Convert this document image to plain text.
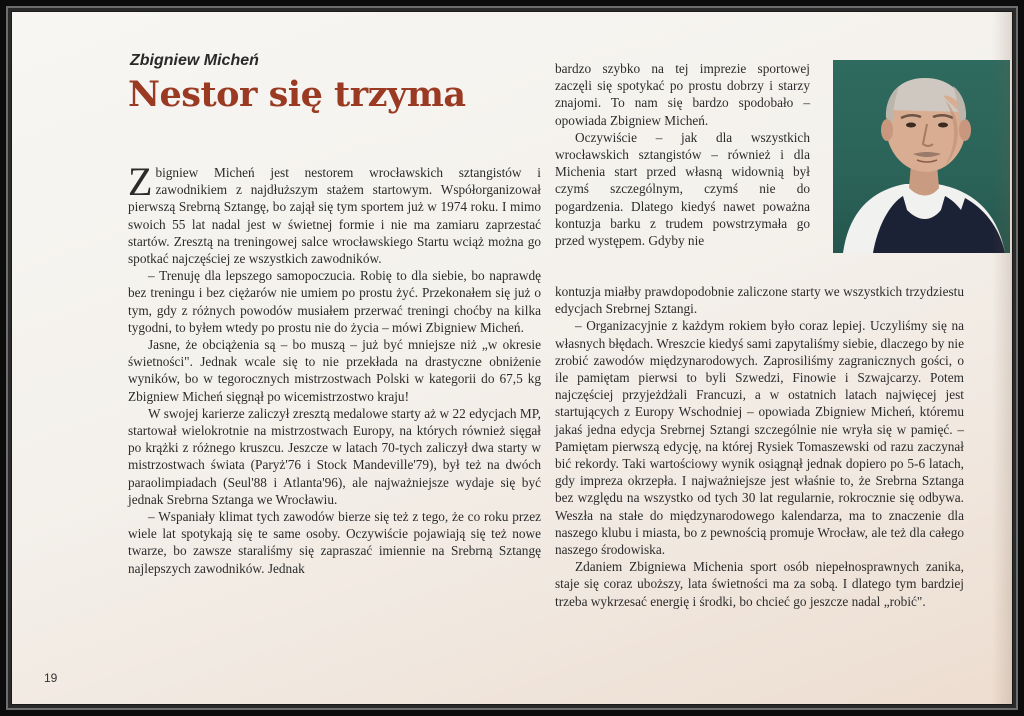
Zbigniew Micheń
Nestor się trzyma

Zbigniew Micheń jest nestorem wrocławskich sztangistów i zawodnikiem z najdłuższym stażem startowym. Współorganizował pierwszą Srebrną Sztangę, bo zajął się tym sportem już w 1974 roku. I mimo swoich 55 lat nadal jest w świetnej formie i nie ma zamiaru zaprzestać startów. Zresztą na treningowej salce wrocławskiego Startu wciąż można go spotkać najczęściej ze wszystkich zawodników.

– Trenuję dla lepszego samopoczucia. Robię to dla siebie, bo naprawdę bez treningu i bez ciężarów nie umiem po prostu żyć. Przekonałem się już o tym, gdy z różnych powodów musiałem przerwać treningi choćby na kilka tygodni, to byłem wtedy po prostu nie do życia – mówi Zbigniew Micheń.

Jasne, że obciążenia są – bo muszą – już być mniejsze niż „w okresie świetności". Jednak wcale się to nie przekłada na drastyczne obniżenie wyników, bo w tegorocznych mistrzostwach Polski w kategorii do 67,5 kg Zbigniew Micheń sięgnął po wicemistrzostwo kraju!

W swojej karierze zaliczył zresztą medalowe starty aż w 22 edycjach MP, startował wielokrotnie na mistrzostwach Europy, na których również sięgał po krążki z różnego kruszcu. Jeszcze w latach 70-tych zaliczył dwa starty w mistrzostwach świata (Paryż'76 i Stock Mandeville'79), był też na dwóch paraolimpiadach (Seul'88 i Atlanta'96), ale najważniejsze wydaje się być jednak Srebrna Sztanga we Wrocławiu.

– Wspaniały klimat tych zawodów bierze się też z tego, że co roku przez wiele lat spotykają się te same osoby. Oczywiście pojawiają się też nowe twarze, bo zawsze staraliśmy się zapraszać imiennie na Srebrną Sztangę najlepszych zawodników. Jednak

bardzo szybko na tej imprezie sportowej zaczęli się spotykać po prostu dobrzy i starzy znajomi. To nam się bardzo spodobało – opowiada Zbigniew Micheń.

Oczywiście – jak dla wszystkich wrocławskich sztangistów – również i dla Michenia start przed własną widownią był czymś szczególnym, czymś nie do pogardzenia. Dlatego kiedyś nawet poważna kontuzja barku z trudem powstrzymała go przed występem. Gdyby nie

kontuzja miałby prawdopodobnie zaliczone starty we wszystkich trzydziestu edycjach Srebrnej Sztangi.

– Organizacyjnie z każdym rokiem było coraz lepiej. Uczyliśmy się na własnych błędach. Wreszcie kiedyś sami zapytaliśmy siebie, dlaczego by nie zrobić zawodów międzynarodowych. Zaprosiliśmy zagranicznych gości, o ile pamiętam pierwsi to byli Szwedzi, Finowie i Szwajcarzy. Potem najczęściej przyjeżdżali Francuzi, a w ostatnich latach najwięcej jest startujących z Europy Wschodniej – opowiada Zbigniew Micheń, któremu jakaś jedna edycja Srebrnej Sztangi szczególnie nie wryła się w pamięć. – Pamiętam pierwszą edycję, na której Rysiek Tomaszewski od razu zaczynał bić rekordy. Taki wartościowy wynik osiągnął jednak dopiero po 5-6 latach, gdy impreza okrzepła. I najważniejsze jest właśnie to, że Srebrna Sztanga bez względu na wszystko od tych 30 lat regularnie, rokrocznie się odbywa. Weszła na stałe do międzynarodowego kalendarza, ma to znaczenie dla naszego klubu i miasta, bo z pewnością promuje Wrocław, ale też dla całego naszego środowiska.

Zdaniem Zbigniewa Michenia sport osób niepełnosprawnych zanika, staje się coraz uboższy, lata świetności ma za sobą. I dlatego tym bardziej trzeba wykrzesać energię i środki, bo chcieć go jeszcze nadal „robić".

19
